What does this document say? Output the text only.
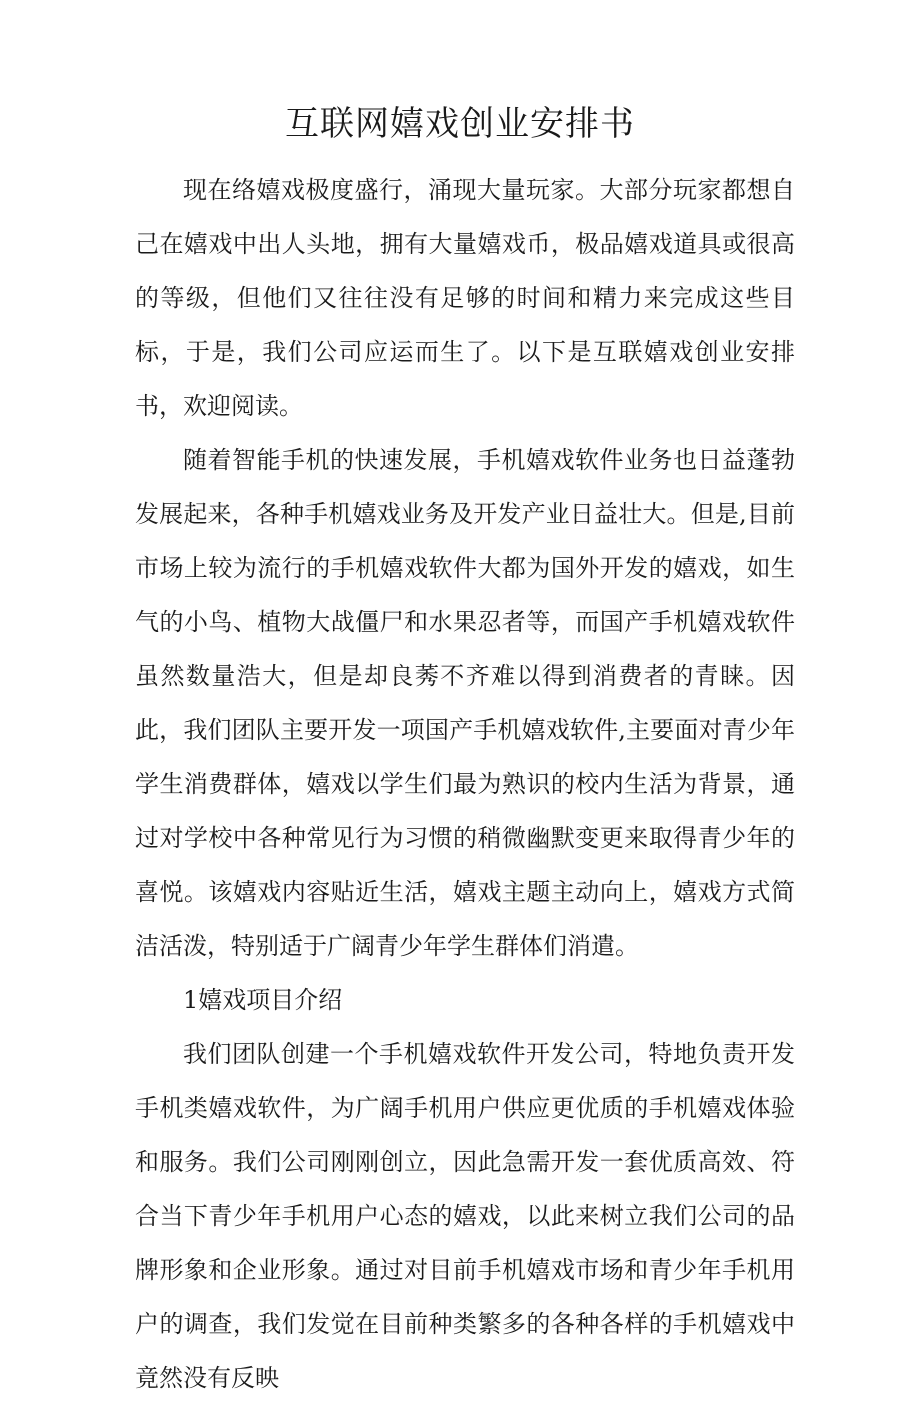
互联网嬉戏创业安排书

现在络嬉戏极度盛行，涌现大量玩家。大部分玩家都想自己在嬉戏中出人头地，拥有大量嬉戏币，极品嬉戏道具或很高的等级，但他们又往往没有足够的时间和精力来完成这些目标，于是，我们公司应运而生了。以下是互联嬉戏创业安排书，欢迎阅读。

随着智能手机的快速发展，手机嬉戏软件业务也日益蓬勃发展起来，各种手机嬉戏业务及开发产业日益壮大。但是,目前市场上较为流行的手机嬉戏软件大都为国外开发的嬉戏，如生气的小鸟、植物大战僵尸和水果忍者等，而国产手机嬉戏软件虽然数量浩大，但是却良莠不齐难以得到消费者的青睐。因此，我们团队主要开发一项国产手机嬉戏软件,主要面对青少年学生消费群体，嬉戏以学生们最为熟识的校内生活为背景，通过对学校中各种常见行为习惯的稍微幽默变更来取得青少年的喜悦。该嬉戏内容贴近生活，嬉戏主题主动向上，嬉戏方式简洁活泼，特别适于广阔青少年学生群体们消遣。

1嬉戏项目介绍

我们团队创建一个手机嬉戏软件开发公司，特地负责开发手机类嬉戏软件，为广阔手机用户供应更优质的手机嬉戏体验和服务。我们公司刚刚创立，因此急需开发一套优质高效、符合当下青少年手机用户心态的嬉戏，以此来树立我们公司的品牌形象和企业形象。通过对目前手机嬉戏市场和青少年手机用户的调查，我们发觉在目前种类繁多的各种各样的手机嬉戏中竟然没有反映
